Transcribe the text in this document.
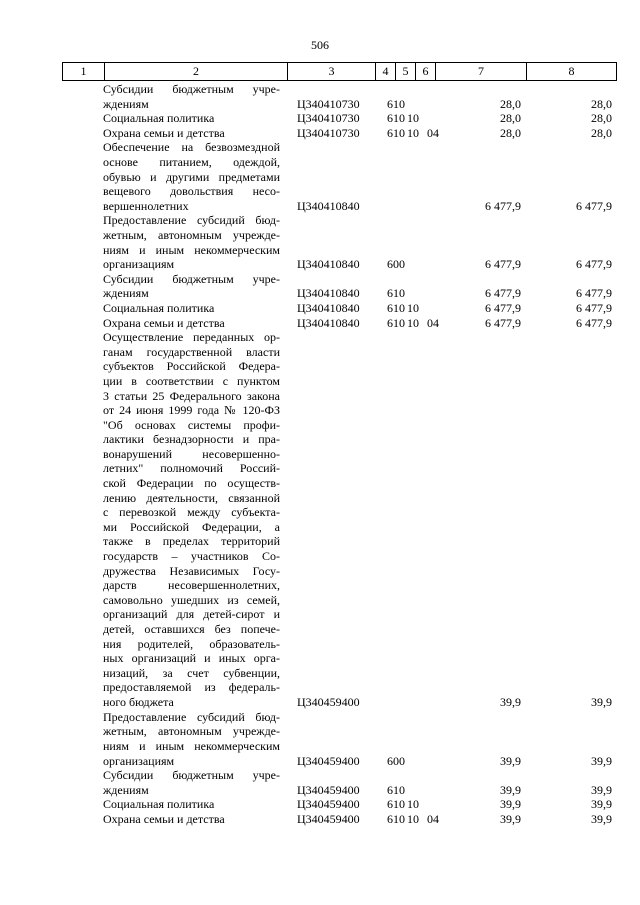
506
1	2	3	4	5	6	7	8
Субсидии бюджетным учре-
ждениям	Ц340410730 610	28,0	28,0
Социальная политика	Ц340410730 610 10	28,0	28,0
Охрана семьи и детства	Ц340410730 610 10 04	28,0	28,0
Обеспечение на безвозмездной
основе питанием, одеждой,
обувью и другими предметами
вещевого довольствия несо-
вершеннолетних	Ц340410840	6 477,9	6 477,9
Предоставление субсидий бюд-
жетным, автономным учрежде-
ниям и иным некоммерческим
организациям	Ц340410840 600	6 477,9	6 477,9
Субсидии бюджетным учре-
ждениям	Ц340410840 610	6 477,9	6 477,9
Социальная политика	Ц340410840 610 10	6 477,9	6 477,9
Охрана семьи и детства	Ц340410840 610 10 04	6 477,9	6 477,9
Осуществление переданных ор-
ганам государственной власти
субъектов Российской Федера-
ции в соответствии с пунктом
3 статьи 25 Федерального закона
от 24 июня 1999 года № 120-ФЗ
"Об основах системы профи-
лактики безнадзорности и пра-
вонарушений несовершенно-
летних" полномочий Россий-
ской Федерации по осуществ-
лению деятельности, связанной
с перевозкой между субъекта-
ми Российской Федерации, а
также в пределах территорий
государств – участников Со-
дружества Независимых Госу-
дарств несовершеннолетних,
самовольно ушедших из семей,
организаций для детей-сирот и
детей, оставшихся без попече-
ния родителей, образователь-
ных организаций и иных орга-
низаций, за счет субвенции,
предоставляемой из федераль-
ного бюджета	Ц340459400	39,9	39,9
Предоставление субсидий бюд-
жетным, автономным учрежде-
ниям и иным некоммерческим
организациям	Ц340459400 600	39,9	39,9
Субсидии бюджетным учре-
ждениям	Ц340459400 610	39,9	39,9
Социальная политика	Ц340459400 610 10	39,9	39,9
Охрана семьи и детства	Ц340459400 610 10 04	39,9	39,9
